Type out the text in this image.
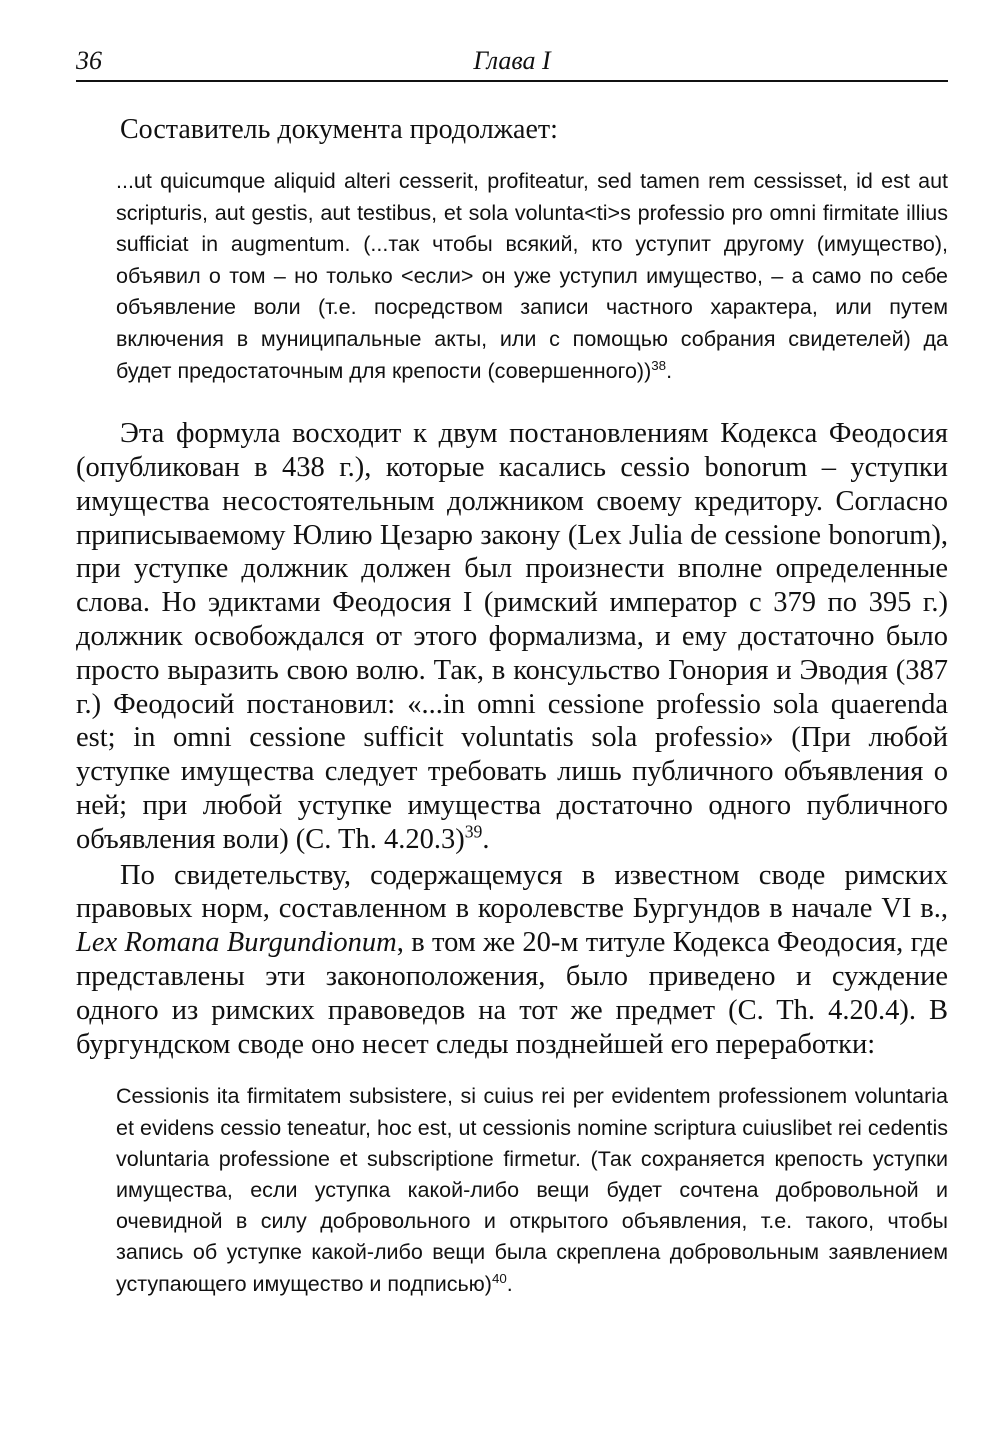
36	Глава I

Составитель документа продолжает:

...ut quicumque aliquid alteri cesserit, profiteatur, sed tamen rem cessisset, id est aut scripturis, aut gestis, aut testibus, et sola volunta<ti>s professio pro omni firmitate illius sufficiat in augmentum. (...так чтобы всякий, кто уступит другому (имущество), объявил о том – но только <если> он уже уступил имущество, – а само по себе объявление воли (т.е. посредством записи частного характера, или путем включения в муниципальные акты, или с помощью собрания свидетелей) да будет предостаточным для крепости (совершенного))$^{38}$.

Эта формула восходит к двум постановлениям Кодекса Феодосия (опубликован в 438 г.), которые касались cessio bonorum – уступки имущества несостоятельным должником своему кредитору. Согласно приписываемому Юлию Цезарю закону (Lex Julia de cessione bonorum), при уступке должник должен был произнести вполне определенные слова. Но эдиктами Феодосия I (римский император с 379 по 395 г.) должник освобождался от этого формализма, и ему достаточно было просто выразить свою волю. Так, в консульство Гонория и Эводия (387 г.) Феодосий постановил: «...in omni cessione professio sola quaerenda est; in omni cessione sufficit voluntatis sola professio» (При любой уступке имущества следует требовать лишь публичного объявления о ней; при любой уступке имущества достаточно одного публичного объявления воли) (C. Th. 4.20.3)$^{39}$.

По свидетельству, содержащемуся в известном своде римских правовых норм, составленном в королевстве Бургундов в начале VI в., Lex Romana Burgundionum, в том же 20-м титуле Кодекса Феодосия, где представлены эти законоположения, было приведено и суждение одного из римских правоведов на тот же предмет (C. Th. 4.20.4). В бургундском своде оно несет следы позднейшей его переработки:

Cessionis ita firmitatem subsistere, si cuius rei per evidentem professionem voluntaria et evidens cessio teneatur, hoc est, ut cessionis nomine scriptura cuiuslibet rei cedentis voluntaria professione et subscriptione firmetur. (Так сохраняется крепость уступки имущества, если уступка какой-либо вещи будет сочтена добровольной и очевидной в силу добровольного и открытого объявления, т.е. такого, чтобы запись об уступке какой-либо вещи была скреплена добровольным заявлением уступающего имущество и подписью)$^{40}$.
